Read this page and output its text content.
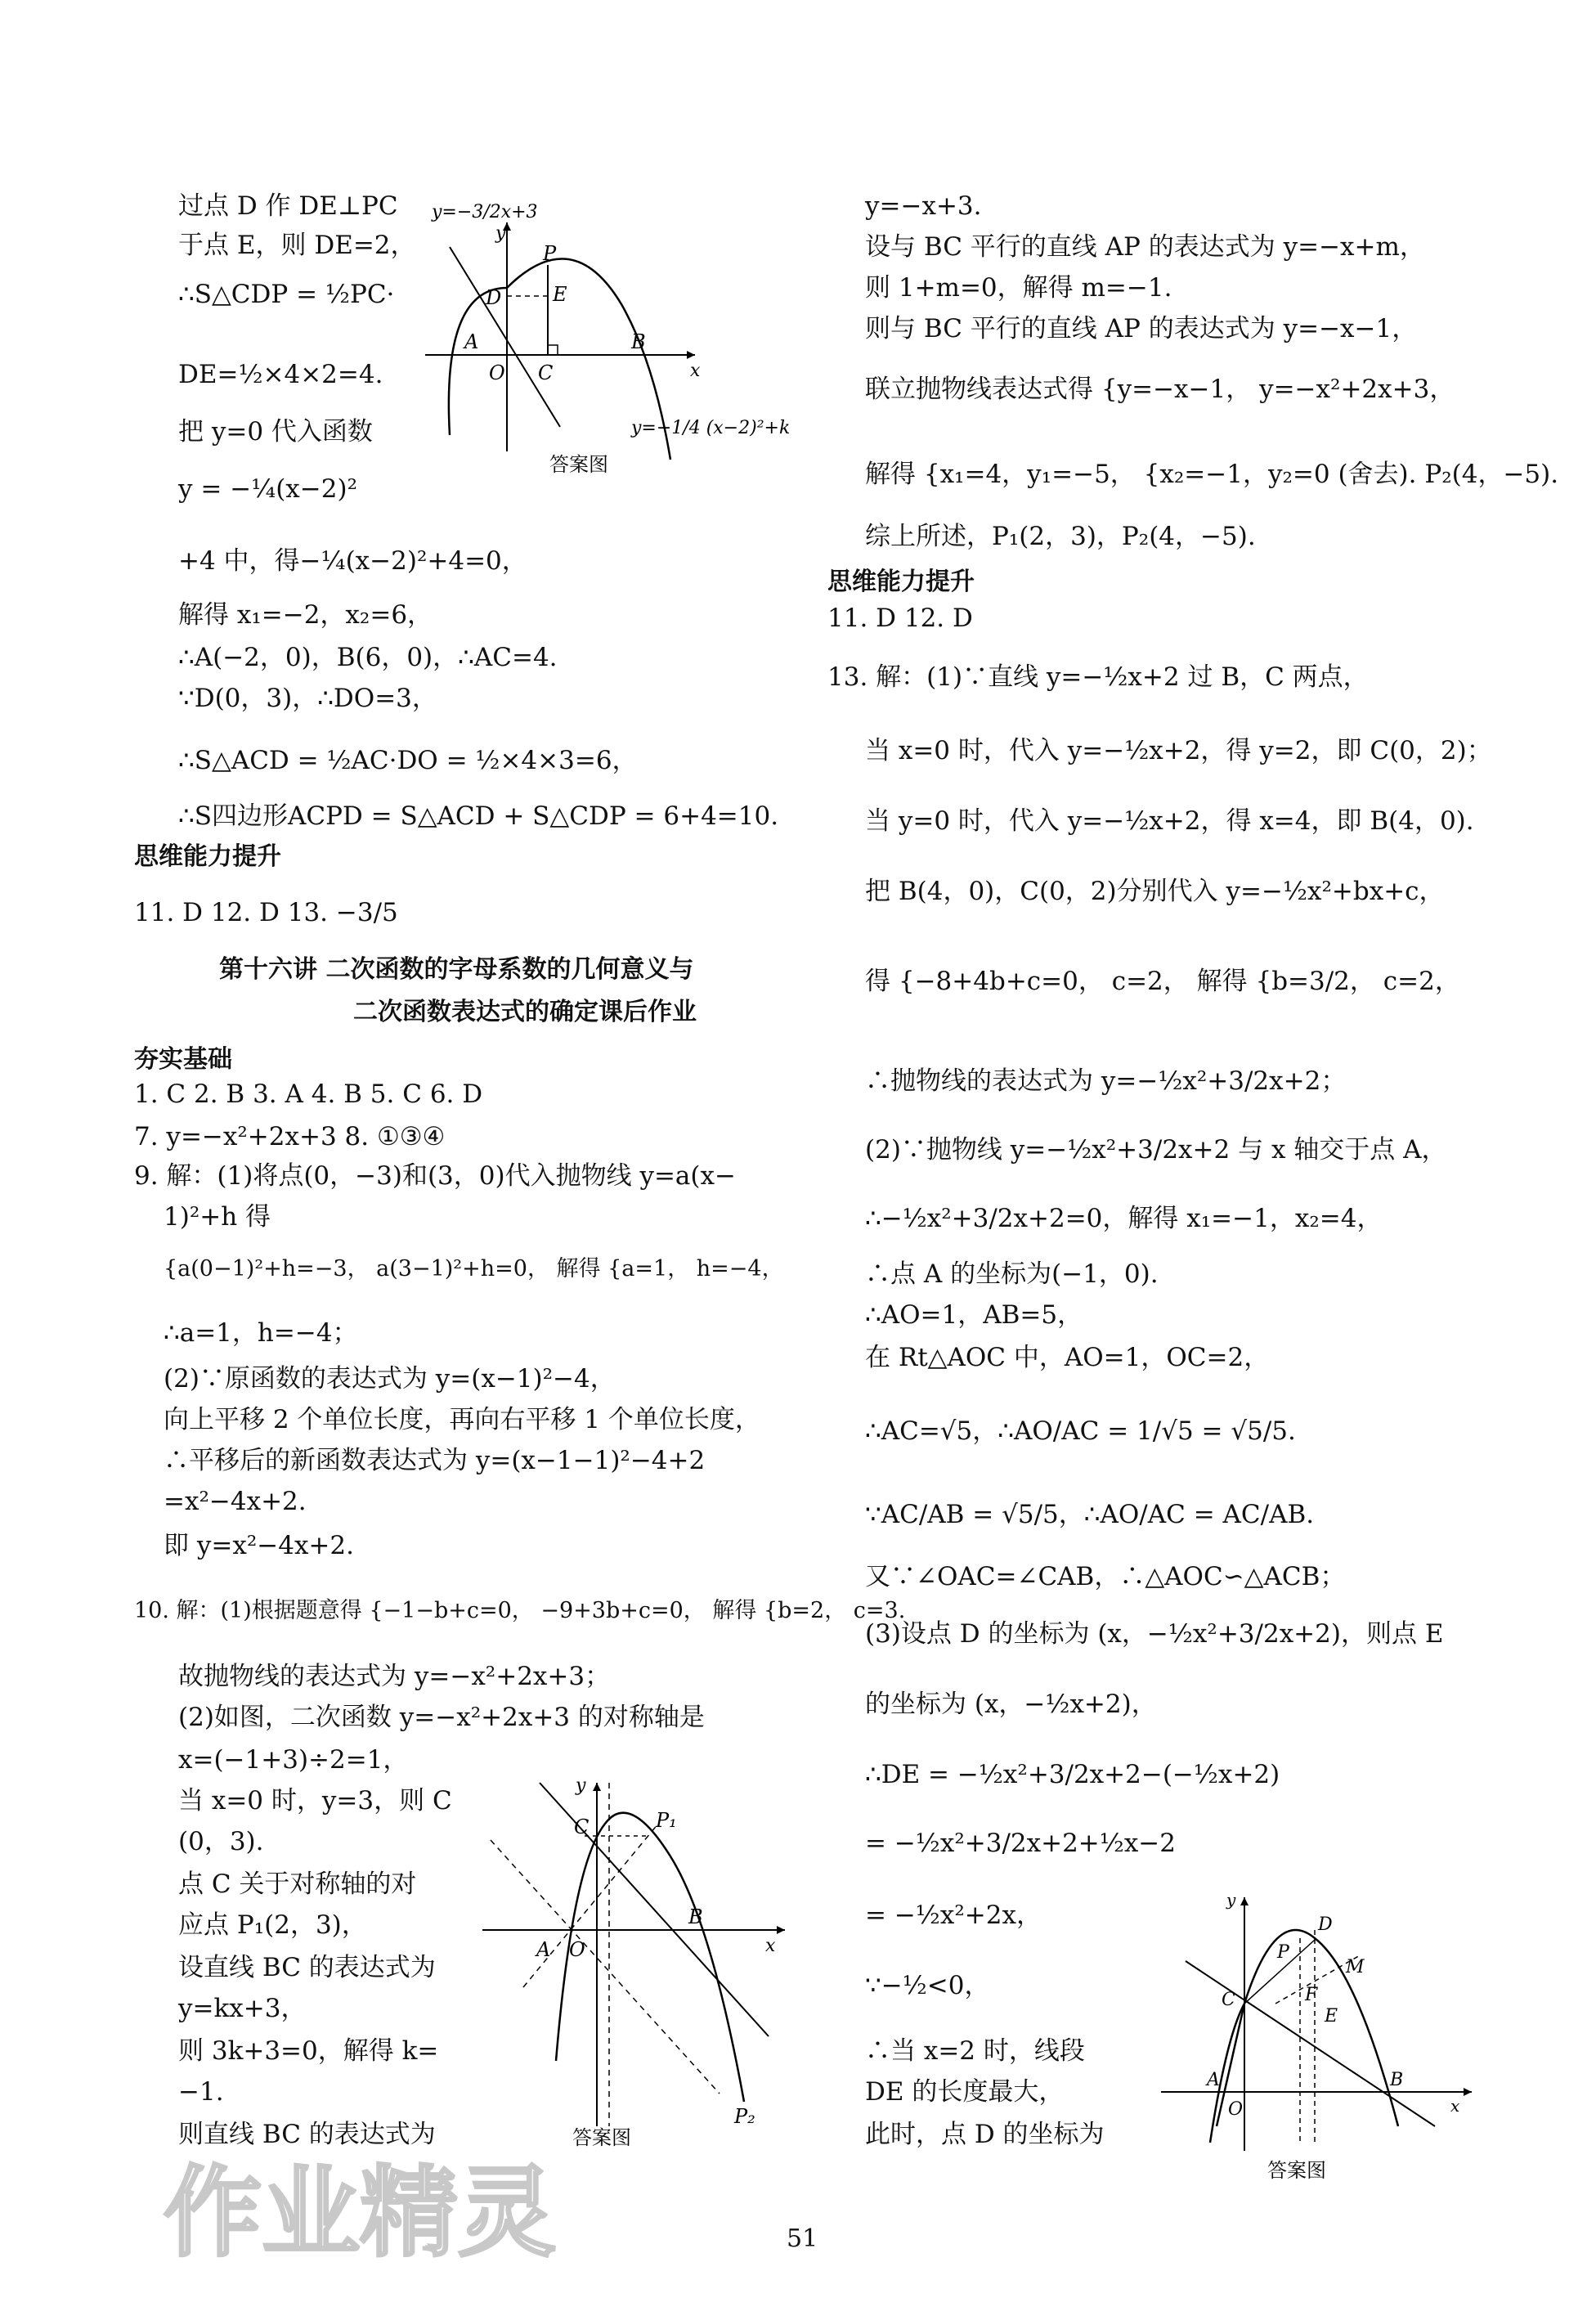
过点 D 作 DE⊥PC
于点 E，则 DE=2，
∴S△CDP = ½PC·
DE=½×4×2=4.
把 y=0 代入函数
y = −¼(x−2)²
+4 中，得−¼(x−2)²+4=0，
解得 x₁=−2，x₂=6，
∴A(−2，0)，B(6，0)，∴AC=4.
∵D(0，3)，∴DO=3，
∴S△ACD = ½AC·DO = ½×4×3=6，
∴S四边形ACPD = S△ACD + S△CDP = 6+4=10.
y=−3/2x+3
P
D	E
A
O C
B
x
y
y=−1/4 (x−2)²+k
答案图
思维能力提升
11. D 12. D 13. −3/5
第十六讲 二次函数的字母系数的几何意义与
二次函数表达式的确定课后作业
夯实基础
1. C 2. B 3. A 4. B 5. C 6. D
7. y=−x²+2x+3 8. ①③④
9. 解：(1)将点(0，−3)和(3，0)代入抛物线 y=a(x−
1)²+h 得
{a(0−1)²+h=−3， a(3−1)²+h=0， 解得 {a=1， h=−4，
∴a=1，h=−4；
(2)∵原函数的表达式为 y=(x−1)²−4，
向上平移 2 个单位长度，再向右平移 1 个单位长度，
∴平移后的新函数表达式为 y=(x−1−1)²−4+2
=x²−4x+2.
即 y=x²−4x+2.
10. 解：(1)根据题意得 {−1−b+c=0， −9+3b+c=0， 解得 {b=2， c=3.
故抛物线的表达式为 y=−x²+2x+3；
(2)如图，二次函数 y=−x²+2x+3 的对称轴是
x=(−1+3)÷2=1，
当 x=0 时，y=3，则 C
(0，3).
点 C 关于对称轴的对
应点 P₁(2，3)，
设直线 BC 的表达式为
y=kx+3，
则 3k+3=0，解得 k=
−1.
则直线 BC 的表达式为
C	P₁
A O
B
P₂
x
y
答案图
y=−x+3.
设与 BC 平行的直线 AP 的表达式为 y=−x+m，
则 1+m=0，解得 m=−1.
则与 BC 平行的直线 AP 的表达式为 y=−x−1，
联立抛物线表达式得 {y=−x−1， y=−x²+2x+3，
解得 {x₁=4，y₁=−5， {x₂=−1，y₂=0 (舍去). P₂(4，−5).
综上所述，P₁(2，3)，P₂(4，−5).
思维能力提升
11. D 12. D
13. 解：(1)∵直线 y=−½x+2 过 B，C 两点，
当 x=0 时，代入 y=−½x+2，得 y=2，即 C(0，2)；
当 y=0 时，代入 y=−½x+2，得 x=4，即 B(4，0).
把 B(4，0)，C(0，2)分别代入 y=−½x²+bx+c，
得 {−8+4b+c=0， c=2， 解得 {b=3/2， c=2，
∴抛物线的表达式为 y=−½x²+3/2x+2；
(2)∵抛物线 y=−½x²+3/2x+2 与 x 轴交于点 A，
∴−½x²+3/2x+2=0，解得 x₁=−1，x₂=4，
∴点 A 的坐标为(−1，0).
∴AO=1，AB=5，
在 Rt△AOC 中，AO=1，OC=2，
∴AC=√5，∴AO/AC = 1/√5 = √5/5.
∵AC/AB = √5/5，∴AO/AC = AC/AB.
又∵∠OAC=∠CAB，∴△AOC∽△ACB；
(3)设点 D 的坐标为 (x，−½x²+3/2x+2)，则点 E
的坐标为 (x，−½x+2)，
∴DE = −½x²+3/2x+2−(−½x+2)
= −½x²+3/2x+2+½x−2
= −½x²+2x，
∵−½<0，
∴当 x=2 时，线段
DE 的长度最大，
此时，点 D 的坐标为
P
D
M
C	F
E
A
O
B
x
y
答案图
作业精灵	51
